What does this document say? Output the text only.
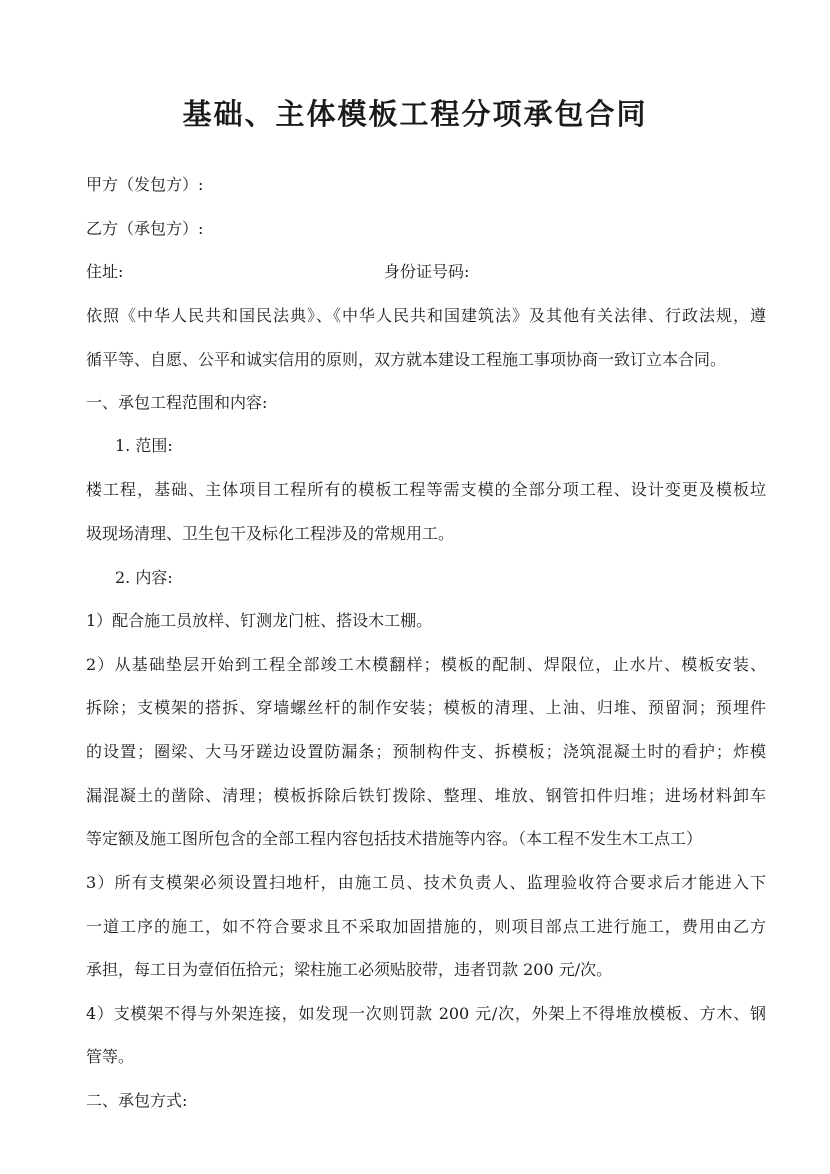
基础、主体模板工程分项承包合同
甲方（发包方）:
乙方（承包方）:
住址:	身份证号码:
依照《中华人民共和国民法典》、《中华人民共和国建筑法》及其他有关法律、行政法规，遵
循平等、自愿、公平和诚实信用的原则，双方就本建设工程施工事项协商一致订立本合同。
一、承包工程范围和内容:
1. 范围:
楼工程，基础、主体项目工程所有的模板工程等需支模的全部分项工程、设计变更及模板垃
圾现场清理、卫生包干及标化工程涉及的常规用工。
2. 内容:
1）配合施工员放样、钉测龙门桩、搭设木工棚。
2）从基础垫层开始到工程全部竣工木模翻样；模板的配制、焊限位，止水片、模板安装、
拆除；支模架的搭拆、穿墙螺丝杆的制作安装；模板的清理、上油、归堆、预留洞；预埋件
的设置；圈梁、大马牙蹉边设置防漏条；预制构件支、拆模板；浇筑混凝土时的看护；炸模
漏混凝土的凿除、清理；模板拆除后铁钉拨除、整理、堆放、钢管扣件归堆；进场材料卸车
等定额及施工图所包含的全部工程内容包括技术措施等内容。（本工程不发生木工点工）
3）所有支模架必须设置扫地杆，由施工员、技术负责人、监理验收符合要求后才能进入下
一道工序的施工，如不符合要求且不采取加固措施的，则项目部点工进行施工，费用由乙方
承担，每工日为壹佰伍拾元；梁柱施工必须贴胶带，违者罚款 200 元/次。
4）支模架不得与外架连接，如发现一次则罚款 200 元/次，外架上不得堆放模板、方木、钢
管等。
二、承包方式:
